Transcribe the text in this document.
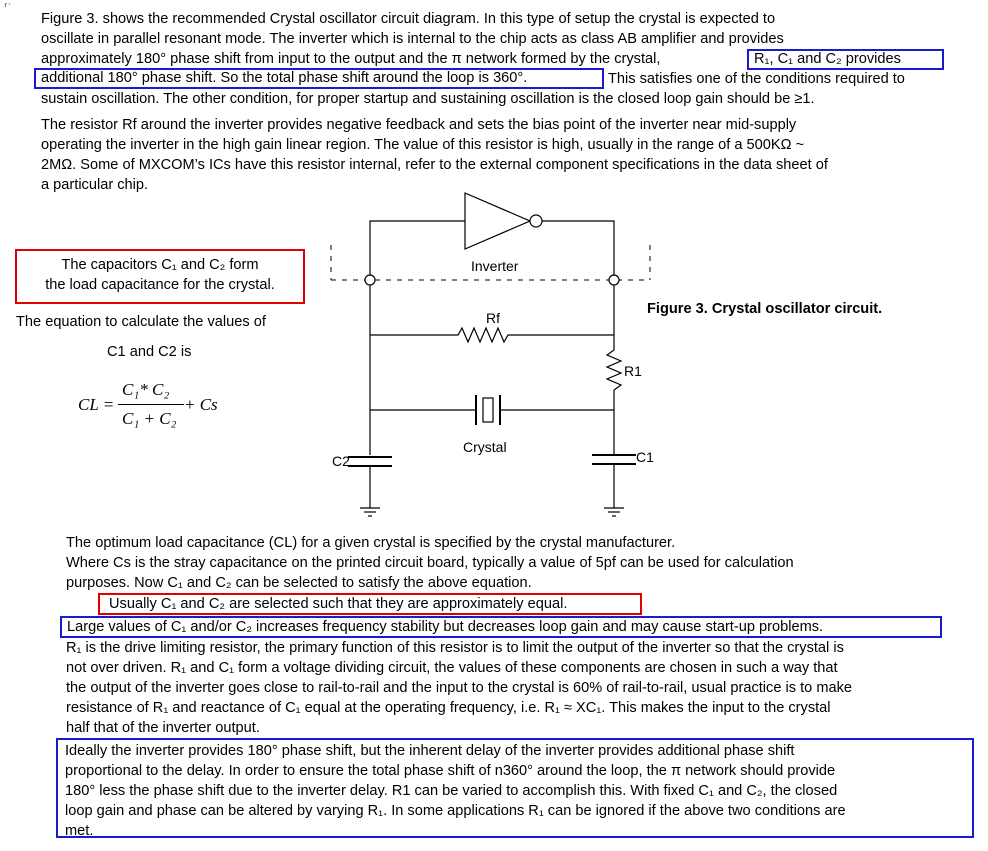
⸢`
Figure 3. shows the recommended Crystal oscillator circuit diagram. In this type of setup the crystal is expected to
oscillate in parallel resonant mode. The inverter which is internal to the chip acts as class AB amplifier and provides
approximately 180° phase shift from input to the output and the π network formed by the crystal,
This satisfies one of the conditions required to

sustain oscillation. The other condition, for proper startup and sustaining oscillation is the closed loop gain should be ≥1.
R₁, C₁ and C₂ provides
additional 180° phase shift. So the total phase shift around the loop is 360°.
The resistor Rf around the inverter provides negative feedback and sets the bias point of the inverter near mid-supply
operating the inverter in the high gain linear region. The value of this resistor is high, usually in the range of a 500KΩ ~
2MΩ. Some of MXCOM’s ICs have this resistor internal, refer to the external component specifications in the data sheet of
a particular chip.
The capacitors C₁ and C₂ form
the load capacitance for the crystal.
The equation to calculate the values of
C1 and C2 is
CL =
C₁* C₂
C₁ + C₂
+ Cs
Inverter
Rf
R1
Crystal
C2	C1
Figure 3. Crystal oscillator circuit.
The optimum load capacitance (CL) for a given crystal is specified by the crystal manufacturer.
Where Cs is the stray capacitance on the printed circuit board, typically a value of 5pf can be used for calculation
purposes. Now C₁ and C₂ can be selected to satisfy the above equation.
Usually C₁ and C₂ are selected such that they are approximately equal.
Large values of C₁ and/or C₂ increases frequency stability but decreases loop gain and may cause start-up problems.
R₁ is the drive limiting resistor, the primary function of this resistor is to limit the output of the inverter so that the crystal is
not over driven. R₁ and C₁ form a voltage dividing circuit, the values of these components are chosen in such a way that
the output of the inverter goes close to rail-to-rail and the input to the crystal is 60% of rail-to-rail, usual practice is to make
resistance of R₁ and reactance of C₁ equal at the operating frequency, i.e. R₁ ≈ XC₁. This makes the input to the crystal
half that of the inverter output.
Ideally the inverter provides 180° phase shift, but the inherent delay of the inverter provides additional phase shift
proportional to the delay. In order to ensure the total phase shift of n360° around the loop, the π network should provide
180° less the phase shift due to the inverter delay. R1 can be varied to accomplish this. With fixed C₁ and C₂, the closed
loop gain and phase can be altered by varying R₁. In some applications R₁ can be ignored if the above two conditions are
met.
